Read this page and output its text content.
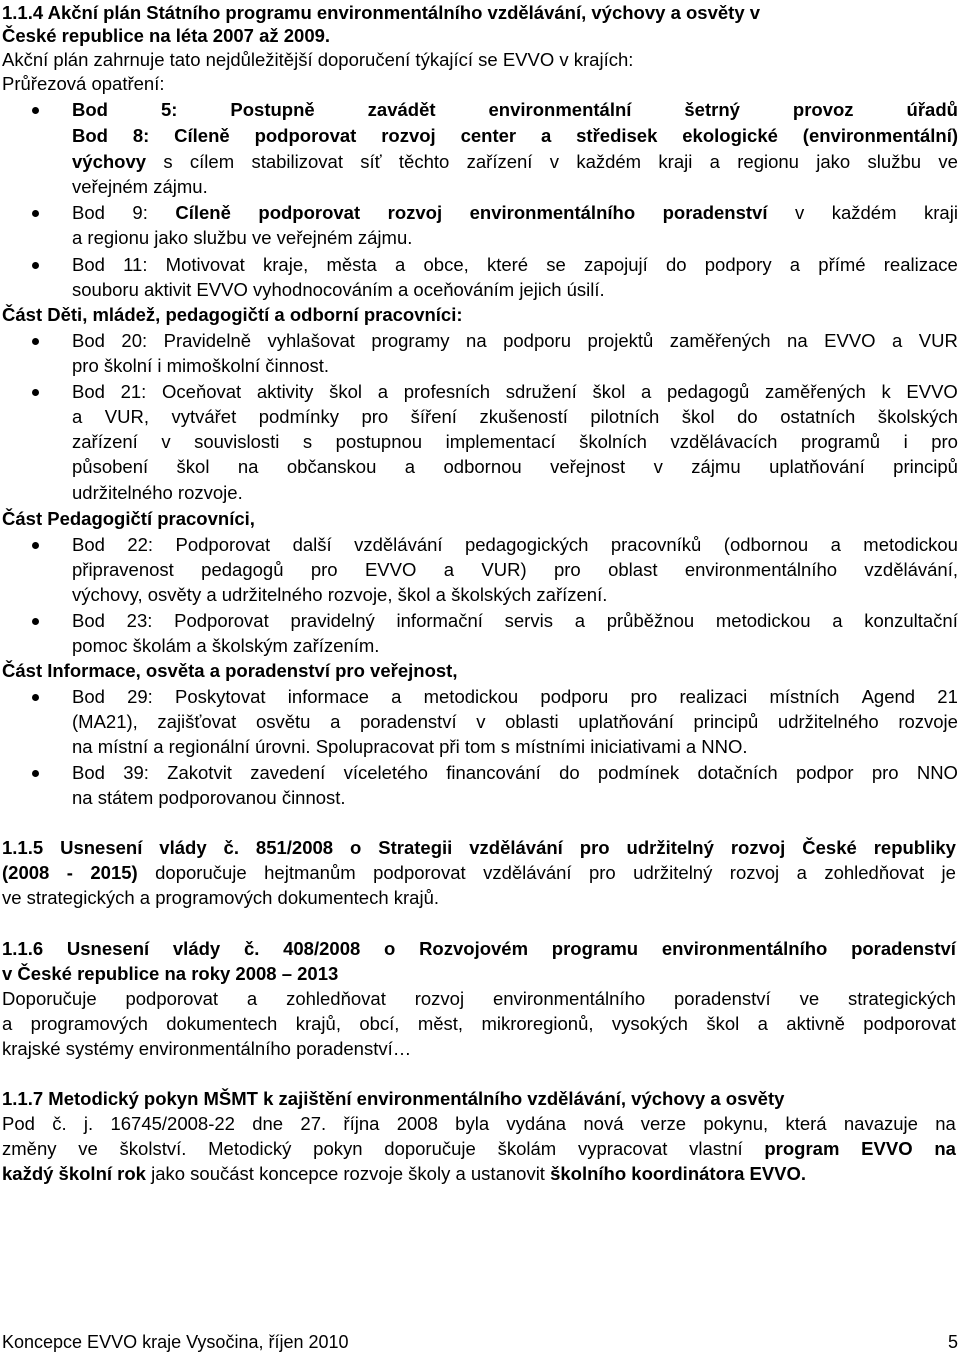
1.1.4 Akční plán Státního programu environmentálního vzdělávání, výchovy a osvěty v
České republice na léta 2007 až 2009.
Akční plán zahrnuje tato nejdůležitější doporučení týkající se EVVO v krajích:
Průřezová opatření:
Bod	5:	Postupně	zavádět	environmentální	šetrný	provoz	úřadů
Bod 8: Cíleně podporovat rozvoj center a středisek ekologické (environmentální)
výchovy s cílem stabilizovat síť těchto zařízení v každém kraji a regionu jako službu ve
veřejném zájmu.
Bod 9: Cíleně podporovat rozvoj environmentálního poradenství v každém kraji
a regionu jako službu ve veřejném zájmu.
Bod 11: Motivovat kraje, města a obce, které se zapojují do podpory a přímé realizace
souboru aktivit EVVO vyhodnocováním a oceňováním jejich úsilí.
Část Děti, mládež, pedagogičtí a odborní pracovníci:
Bod 20: Pravidelně vyhlašovat programy na podporu projektů zaměřených na EVVO a VUR
pro školní i mimoškolní činnost.
Bod 21: Oceňovat aktivity škol a profesních sdružení škol a pedagogů zaměřených k EVVO
a VUR, vytvářet podmínky pro šíření zkušeností pilotních škol do ostatních školských
zařízení v souvislosti s postupnou implementací školních vzdělávacích programů i pro
působení škol na občanskou a odbornou veřejnost v zájmu uplatňování principů
udržitelného rozvoje.
Část Pedagogičtí pracovníci,
Bod 22: Podporovat další vzdělávání pedagogických pracovníků (odbornou a metodickou
připravenost pedagogů pro EVVO a VUR) pro oblast environmentálního vzdělávání,
výchovy, osvěty a udržitelného rozvoje, škol a školských zařízení.
Bod 23: Podporovat pravidelný informační servis a průběžnou metodickou a konzultační
pomoc školám a školským zařízením.
Část Informace, osvěta a poradenství pro veřejnost,
Bod 29: Poskytovat informace a metodickou podporu pro realizaci místních Agend 21
(MA21), zajišťovat osvětu a poradenství v oblasti uplatňování principů udržitelného rozvoje
na místní a regionální úrovni. Spolupracovat při tom s místními iniciativami a NNO.
Bod 39: Zakotvit zavedení víceletého financování do podmínek dotačních podpor pro NNO
na státem podporovanou činnost.
1.1.5 Usnesení vlády č. 851/2008 o Strategii vzdělávání pro udržitelný rozvoj České republiky
(2008 - 2015) doporučuje hejtmanům podporovat vzdělávání pro udržitelný rozvoj a zohledňovat je
ve strategických a programových dokumentech krajů.
1.1.6 Usnesení vlády č. 408/2008 o Rozvojovém programu environmentálního poradenství
v České republice na roky 2008 – 2013
Doporučuje podporovat a zohledňovat rozvoj environmentálního poradenství ve strategických
a programových dokumentech krajů, obcí, měst, mikroregionů, vysokých škol a aktivně podporovat
krajské systémy environmentálního poradenství…
1.1.7 Metodický pokyn MŠMT k zajištění environmentálního vzdělávání, výchovy a osvěty
Pod č. j. 16745/2008-22 dne 27. října 2008 byla vydána nová verze pokynu, která navazuje na
změny ve školství. Metodický pokyn doporučuje školám vypracovat vlastní program EVVO na
každý školní rok jako součást koncepce rozvoje školy a ustanovit školního koordinátora EVVO.
Koncepce EVVO kraje Vysočina, říjen 2010	5
